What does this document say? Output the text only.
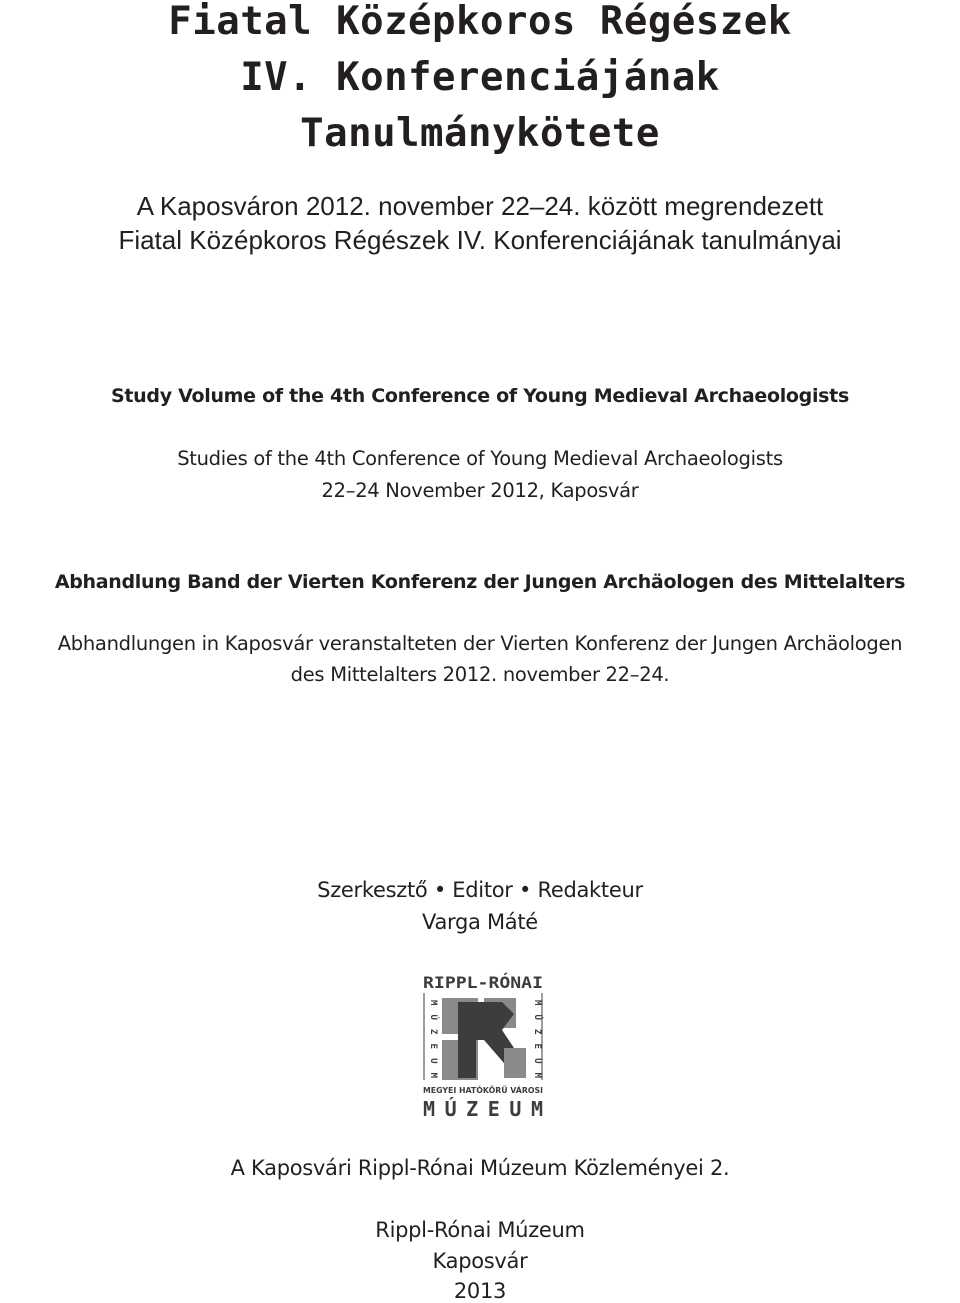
Fiatal Középkoros Régészek
IV. Konferenciájának
Tanulmánykötete

A Kaposváron 2012. november 22–24. között megrendezett

Fiatal Középkoros Régészek IV. Konferenciájának tanulmányai

Study Volume of the 4th Conference of Young Medieval Archaeologists

Studies of the 4th Conference of Young Medieval Archaeologists

22–24 November 2012, Kaposvár

Abhandlung Band der Vierten Konferenz der Jungen Archäologen des Mittelalters

Abhandlungen in Kaposvár veranstalteten der Vierten Konferenz der Jungen Archäologen

des Mittelalters 2012. november 22–24.

Szerkesztő • Editor • Redakteur

Varga Máté

RIPPL-RÓNAI
MÚZEUM
MÚZEUM
MEGYEI HATÓKÖRŰ VÁROSI
MÚZEUM

A Kaposvári Rippl-Rónai Múzeum Közleményei 2.

Rippl-Rónai Múzeum

Kaposvár

2013
